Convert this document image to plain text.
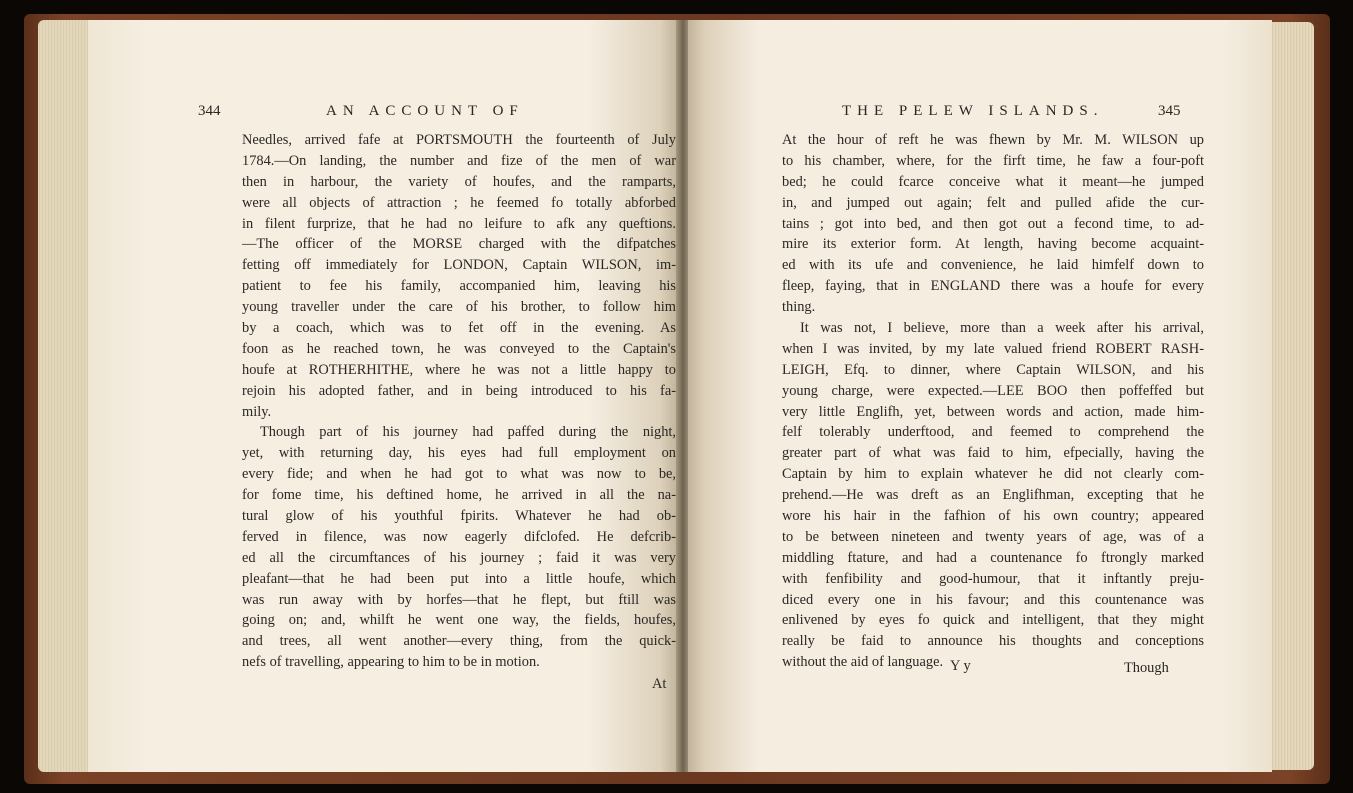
344	AN ACCOUNT OF
Needles, arrived fafe at PORTSMOUTH the fourteenth of July
1784.—On landing, the number and fize of the men of war
then in harbour, the variety of houfes, and the ramparts,
were all objects of attraction ; he feemed fo totally abforbed
in filent furprize, that he had no leifure to afk any queftions.
—The officer of the MORSE charged with the difpatches
fetting off immediately for LONDON, Captain WILSON, im-
patient to fee his family, accompanied him, leaving his
young traveller under the care of his brother, to follow him
by a coach, which was to fet off in the evening. As
foon as he reached town, he was conveyed to the Captain's
houfe at ROTHERHITHE, where he was not a little happy to
rejoin his adopted father, and in being introduced to his fa-
mily.
Though part of his journey had paffed during the night,
yet, with returning day, his eyes had full employment on
every fide; and when he had got to what was now to be,
for fome time, his deftined home, he arrived in all the na-
tural glow of his youthful fpirits. Whatever he had ob-
ferved in filence, was now eagerly difclofed. He defcrib-
ed all the circumftances of his journey ; faid it was very
pleafant—that he had been put into a little houfe, which
was run away with by horfes—that he flept, but ftill was
going on; and, whilft he went one way, the fields, houfes,
and trees, all went another—every thing, from the quick-
nefs of travelling, appearing to him to be in motion.
At
THE PELEW ISLANDS.	345
At the hour of reft he was fhewn by Mr. M. WILSON up
to his chamber, where, for the firft time, he faw a four-poft
bed; he could fcarce conceive what it meant—he jumped
in, and jumped out again; felt and pulled afide the cur-
tains ; got into bed, and then got out a fecond time, to ad-
mire its exterior form. At length, having become acquaint-
ed with its ufe and convenience, he laid himfelf down to
fleep, faying, that in ENGLAND there was a houfe for every
thing.
It was not, I believe, more than a week after his arrival,
when I was invited, by my late valued friend ROBERT RASH-
LEIGH, Efq. to dinner, where Captain WILSON, and his
young charge, were expected.—LEE BOO then poffeffed but
very little Englifh, yet, between words and action, made him-
felf tolerably underftood, and feemed to comprehend the
greater part of what was faid to him, efpecially, having the
Captain by him to explain whatever he did not clearly com-
prehend.—He was dreft as an Englifhman, excepting that he
wore his hair in the fafhion of his own country; appeared
to be between nineteen and twenty years of age, was of a
middling ftature, and had a countenance fo ftrongly marked
with fenfibility and good-humour, that it inftantly preju-
diced every one in his favour; and this countenance was
enlivened by eyes fo quick and intelligent, that they might
really be faid to announce his thoughts and conceptions
without the aid of language. Y y	Though
